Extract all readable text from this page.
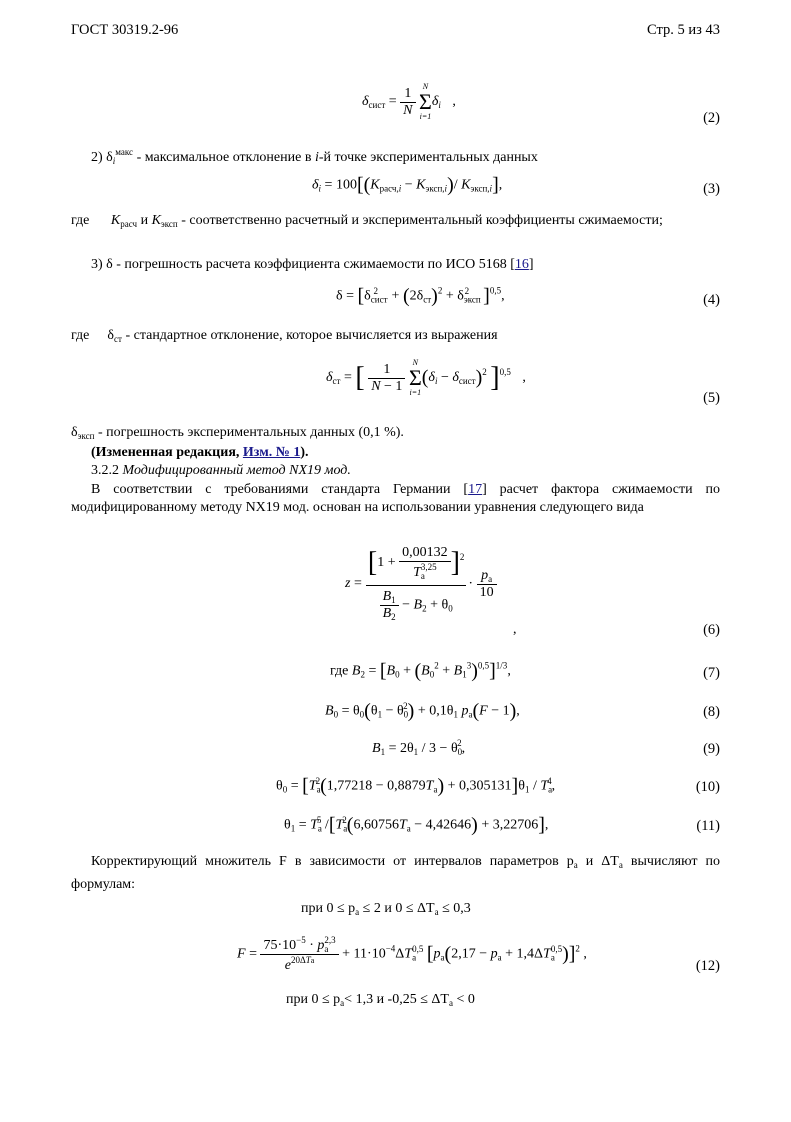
ГОСТ 30319.2-96	Стр. 5 из 43
$\delta_{сист} = \frac{1}{N}$
N
Σ
i=1
$\delta_i$ ,
(2)
2) $\delta_i^{макс}$ - максимальное отклонение в i-й точке экспериментальных данных
$\delta_i = 100[(K_{расч,i} - K_{эксп,i})/$ $K_{эксп,i}$],	(3)
где $K_{расч}$ и $K_{эксп}$ - соответственно расчетный и экспериментальный коэффициенты сжимаемости;
3) δ - погрешность расчета коэффициента сжимаемости по ИСО 5168 [16]
$\delta = [\delta_{сист}^2 + (2\delta_{ст})^2 + \delta_{эксп}^2$ ]$^{0,5}$,	(4)
где $\delta_{ст}$ - стандартное отклонение, которое вычисляется из выражения
$\delta_{ст}$ = [ $\frac{1}{N - 1}$
N
Σ
i=1
$(\delta_i - \delta_{сист})^2$ ]$^{0,5}$ ,
(5)
$\delta_{эксп}$ - погрешность экспериментальных данных (0,1 %).
(Измененная редакция, Изм. № 1).
3.2.2 Модифицированный метод NX19 мод.
В соответствии с требованиями стандарта Германии [17] расчет фактора сжимаемости по модифицированному методу NX19 мод. основан на использовании уравнения следующего вида
z =	$[1 + \frac{0,00132}{T_а^{3,25}} ]^2$	· $\frac{p_а}{10}$

$\frac{B_1}{B_2} - B_2 + \theta_0$
,	(6)
где $B_2 = [B_0 + (B_0^2 + B_1^3)^{0,5}]^{1/3}$,	(7)
$B_0 = \theta_0(\theta_1 - \theta_0^2) + 0,1\theta_1$ $p_а(F - 1)$,	(8)
$B_1 = 2\theta_1 / 3 - \theta_0^2$,	(9)
$\theta_0 = [T_а^2(1,77218 - 0,8879T_а) + 0,305131]\theta_1 / T_а^4$,	(10)
$\theta_1 = T_а^5$ $/[T_а^2(6,60756T_а - 4,42646) + 3,22706]$,	(11)
Корректирующий множитель F в зависимости от интервалов параметров $p_а$ и $\Delta T_а$ вычисляют по формулам:
при $0 \le p_а \le 2$ и $0 \le \Delta T_а \le 0,3$
$F = \frac{75\cdot 10^{-5} \cdot p_а^{2,3}}{e^{20\Delta Tа}} + 11\cdot 10^{-4}\Delta T_а^{0,5}$ $[p_а(2,17 - p_а + 1,4\Delta T_а^{0,5})]^2$ ,
(12)
при $0 \le p_а< 1,3$ и $-0,25 \le \Delta T_а < 0$
